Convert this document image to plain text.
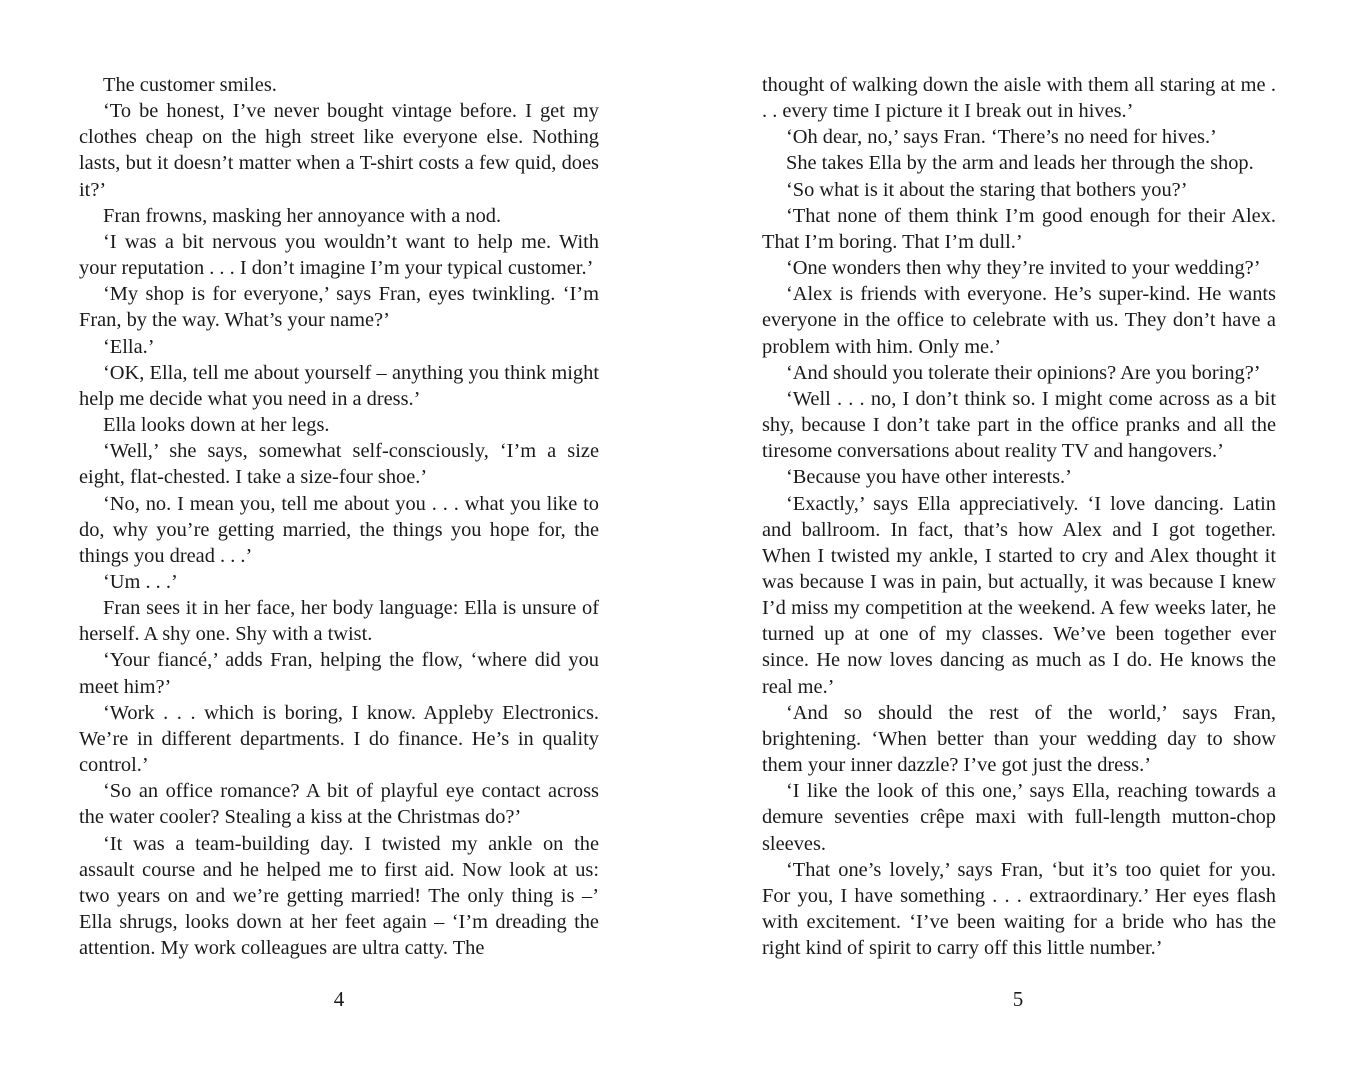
The customer smiles.

‘To be honest, I’ve never bought vintage before. I get my clothes cheap on the high street like everyone else. Nothing lasts, but it doesn’t matter when a T-shirt costs a few quid, does it?’

Fran frowns, masking her annoyance with a nod.

‘I was a bit nervous you wouldn’t want to help me. With your reputation . . . I don’t imagine I’m your typical customer.’

‘My shop is for everyone,’ says Fran, eyes twinkling. ‘I’m Fran, by the way. What’s your name?’

‘Ella.’

‘OK, Ella, tell me about yourself – anything you think might help me decide what you need in a dress.’

Ella looks down at her legs.

‘Well,’ she says, somewhat self-consciously, ‘I’m a size eight, flat-chested. I take a size-four shoe.’

‘No, no. I mean you, tell me about you . . . what you like to do, why you’re getting married, the things you hope for, the things you dread . . .’

‘Um . . .’

Fran sees it in her face, her body language: Ella is unsure of herself. A shy one. Shy with a twist.

‘Your fiancé,’ adds Fran, helping the flow, ‘where did you meet him?’

‘Work . . . which is boring, I know. Appleby Electronics. We’re in different departments. I do finance. He’s in quality control.’

‘So an office romance? A bit of playful eye contact across the water cooler? Stealing a kiss at the Christmas do?’

‘It was a team-building day. I twisted my ankle on the assault course and he helped me to first aid. Now look at us: two years on and we’re getting married! The only thing is –’ Ella shrugs, looks down at her feet again – ‘I’m dreading the attention. My work colleagues are ultra catty. The

4

thought of walking down the aisle with them all staring at me . . . every time I picture it I break out in hives.’

‘Oh dear, no,’ says Fran. ‘There’s no need for hives.’

She takes Ella by the arm and leads her through the shop.

‘So what is it about the staring that bothers you?’

‘That none of them think I’m good enough for their Alex. That I’m boring. That I’m dull.’

‘One wonders then why they’re invited to your wedding?’

‘Alex is friends with everyone. He’s super-kind. He wants everyone in the office to celebrate with us. They don’t have a problem with him. Only me.’

‘And should you tolerate their opinions? Are you boring?’

‘Well . . . no, I don’t think so. I might come across as a bit shy, because I don’t take part in the office pranks and all the tiresome conversations about reality TV and hangovers.’

‘Because you have other interests.’

‘Exactly,’ says Ella appreciatively. ‘I love dancing. Latin and ballroom. In fact, that’s how Alex and I got together. When I twisted my ankle, I started to cry and Alex thought it was because I was in pain, but actually, it was because I knew I’d miss my competition at the weekend. A few weeks later, he turned up at one of my classes. We’ve been together ever since. He now loves dancing as much as I do. He knows the real me.’

‘And so should the rest of the world,’ says Fran, brightening. ‘When better than your wedding day to show them your inner dazzle? I’ve got just the dress.’

‘I like the look of this one,’ says Ella, reaching towards a demure seventies crêpe maxi with full-length mutton-chop sleeves.

‘That one’s lovely,’ says Fran, ‘but it’s too quiet for you. For you, I have something . . . extraordinary.’ Her eyes flash with excitement. ‘I’ve been waiting for a bride who has the right kind of spirit to carry off this little number.’

5
